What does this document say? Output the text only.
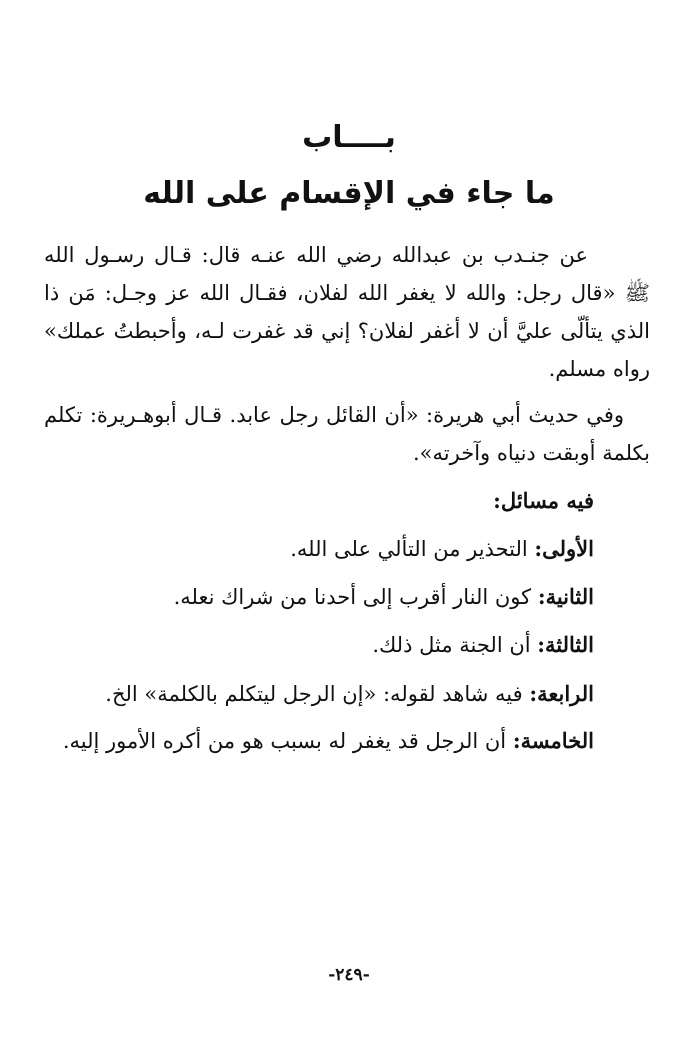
بــــاب
ما جاء في الإقسام على الله

عن جنـدب بن عبدالله رضي الله عنـه قال: قـال رسـول الله ﷺ «قال رجل: والله لا يغفر الله لفلان، فقـال الله عز وجـل: مَن ذا الذي يتألّى عليَّ أن لا أغفر لفلان؟ إني قد غفرت لـه، وأحبطتُ عملك» رواه مسلم.

وفي حديث أبي هريرة: «أن القائل رجل عابد. قـال أبوهـريرة: تكلم بكلمة أوبقت دنياه وآخرته».

فيه مسائل:
الأولى: التحذير من التألي على الله.
الثانية: كون النار أقرب إلى أحدنا من شراك نعله.
الثالثة: أن الجنة مثل ذلك.
الرابعة: فيه شاهد لقوله: «إن الرجل ليتكلم بالكلمة» الخ.
الخامسة: أن الرجل قد يغفر له بسبب هو من أكره الأمور إليه.
-٢٤٩-
